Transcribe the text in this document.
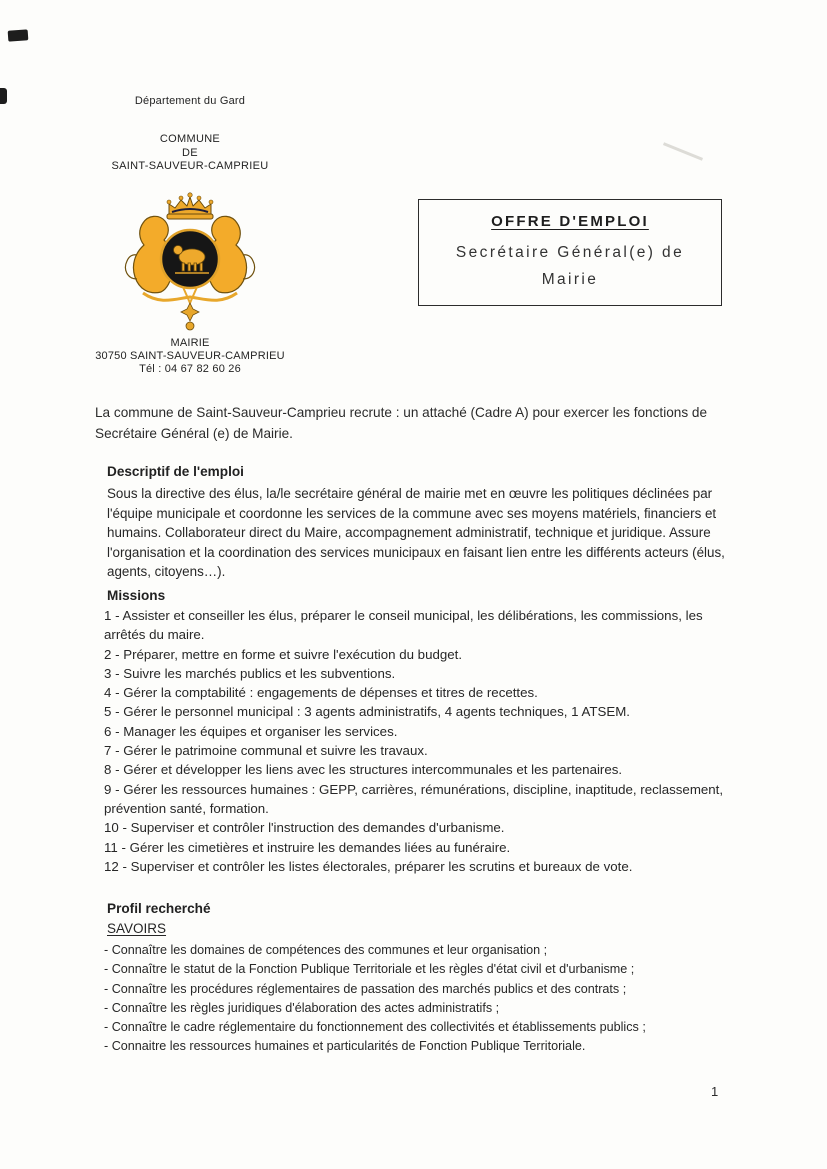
Département du Gard
COMMUNE
DE
SAINT-SAUVEUR-CAMPRIEU
MAIRIE
30750 SAINT-SAUVEUR-CAMPRIEU
Tél : 04 67 82 60 26
OFFRE D'EMPLOI
Secrétaire Général(e) de
Mairie

La commune de Saint-Sauveur-Camprieu recrute : un attaché (Cadre A) pour exercer les fonctions de Secrétaire Général (e) de Mairie.

Descriptif de l'emploi

Sous la directive des élus, la/le secrétaire général de mairie met en œuvre les politiques déclinées par l'équipe municipale et coordonne les services de la commune avec ses moyens matériels, financiers et humains. Collaborateur direct du Maire, accompagnement administratif, technique et juridique. Assure l'organisation et la coordination des services municipaux en faisant lien entre les différents acteurs (élus, agents, citoyens…).

Missions
1 - Assister et conseiller les élus, préparer le conseil municipal, les délibérations, les commissions, les arrêtés du maire.
2 - Préparer, mettre en forme et suivre l'exécution du budget.
3 - Suivre les marchés publics et les subventions.
4 - Gérer la comptabilité : engagements de dépenses et titres de recettes.
5 - Gérer le personnel municipal : 3 agents administratifs, 4 agents techniques, 1 ATSEM.
6 - Manager les équipes et organiser les services.
7 - Gérer le patrimoine communal et suivre les travaux.
8 - Gérer et développer les liens avec les structures intercommunales et les partenaires.
9 - Gérer les ressources humaines : GEPP, carrières, rémunérations, discipline, inaptitude, reclassement, prévention santé, formation.
10 - Superviser et contrôler l'instruction des demandes d'urbanisme.
11 - Gérer les cimetières et instruire les demandes liées au funéraire.
12 - Superviser et contrôler les listes électorales, préparer les scrutins et bureaux de vote.
Profil recherché
SAVOIRS
- Connaître les domaines de compétences des communes et leur organisation ;
- Connaître le statut de la Fonction Publique Territoriale et les règles d'état civil et d'urbanisme ;
- Connaître les procédures réglementaires de passation des marchés publics et des contrats ;
- Connaître les règles juridiques d'élaboration des actes administratifs ;
- Connaître le cadre réglementaire du fonctionnement des collectivités et établissements publics ;
- Connaitre les ressources humaines et particularités de Fonction Publique Territoriale.
1
